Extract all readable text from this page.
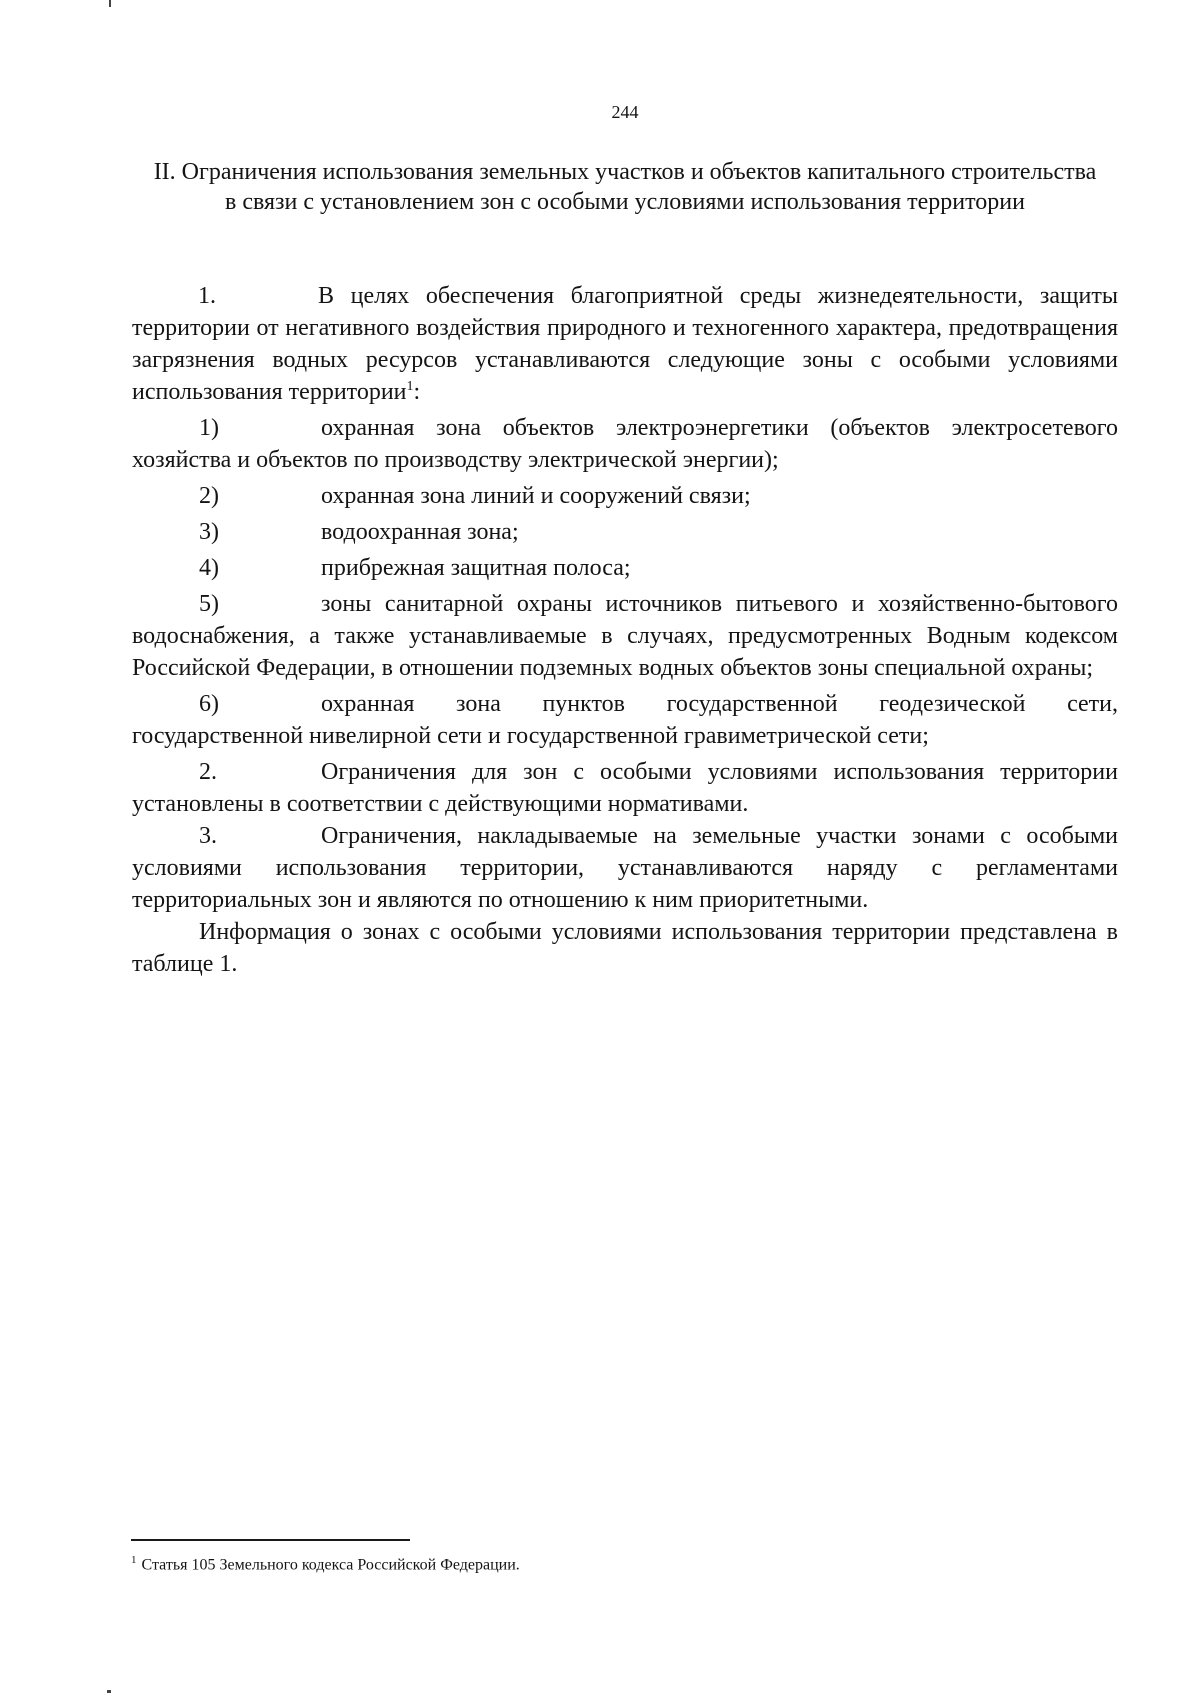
244
II. Ограничения использования земельных участков и объектов капитального строительства в связи с установлением зон с особыми условиями использования территории
1.	В целях обеспечения благоприятной среды жизнедеятельности, защиты
территории от негативного воздействия природного и техногенного характера, предотвращения загрязнения водных ресурсов устанавливаются следующие зоны с особыми условиями использования территории$^1$:
1)	охранная зона объектов электроэнергетики (объектов электросетевого
хозяйства и объектов по производству электрической энергии);
2)	охранная зона линий и сооружений связи;
3)	водоохранная зона;
4)	прибрежная защитная полоса;
5)	зоны санитарной охраны источников питьевого и хозяйственно-бытового
водоснабжения, а также устанавливаемые в случаях, предусмотренных Водным кодексом Российской Федерации, в отношении подземных водных объектов зоны специальной охраны;
6)	охранная зона пунктов государственной геодезической сети,
государственной нивелирной сети и государственной гравиметрической сети;
2.	Ограничения для зон с особыми условиями использования территории
установлены в соответствии с действующими нормативами.
3.	Ограничения, накладываемые на земельные участки зонами с особыми
условиями использования территории, устанавливаются наряду с регламентами территориальных зон и являются по отношению к ним приоритетными.

Информация о зонах с особыми условиями использования территории представлена в таблице 1.

$^1$ Статья 105 Земельного кодекса Российской Федерации.
